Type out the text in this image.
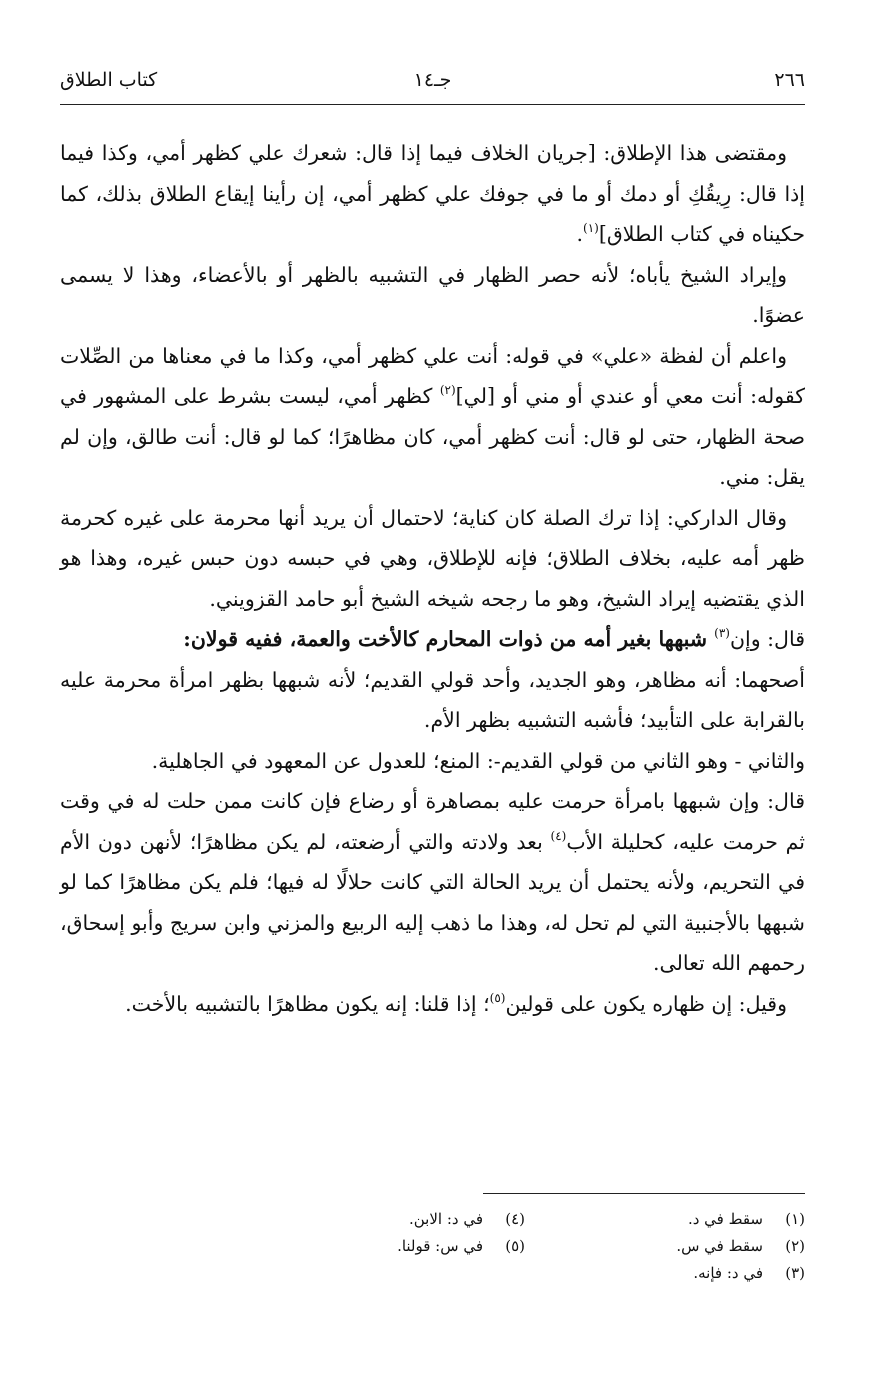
٢٦٦
جـ١٤
كتاب الطلاق

ومقتضى هذا الإطلاق: [جريان الخلاف فيما إذا قال: شعرك علي كظهر أمي، وكذا فيما إذا قال: رِيقُكِ أو دمك أو ما في جوفك علي كظهر أمي، إن رأينا إيقاع الطلاق بذلك، كما حكيناه في كتاب الطلاق]$^{(١)}$.

وإيراد الشيخ يأباه؛ لأنه حصر الظهار في التشبيه بالظهر أو بالأعضاء، وهذا لا يسمى عضوًا.

واعلم أن لفظة «علي» في قوله: أنت علي كظهر أمي، وكذا ما في معناها من الصِّلات كقوله: أنت معي أو عندي أو مني أو [لي]$^{(٢)}$ كظهر أمي، ليست بشرط على المشهور في صحة الظهار، حتى لو قال: أنت كظهر أمي، كان مظاهرًا؛ كما لو قال: أنت طالق، وإن لم يقل: مني.

وقال الداركي: إذا ترك الصلة كان كناية؛ لاحتمال أن يريد أنها محرمة على غيره كحرمة ظهر أمه عليه، بخلاف الطلاق؛ فإنه للإطلاق، وهي في حبسه دون حبس غيره، وهذا هو الذي يقتضيه إيراد الشيخ، وهو ما رجحه شيخه الشيخ أبو حامد القزويني.

قال: وإن$^{(٣)}$ شبهها بغير أمه من ذوات المحارم كالأخت والعمة، ففيه قولان:

أصحهما: أنه مظاهر، وهو الجديد، وأحد قولي القديم؛ لأنه شبهها بظهر امرأة محرمة عليه بالقرابة على التأبيد؛ فأشبه التشبيه بظهر الأم.

والثاني - وهو الثاني من قولي القديم-: المنع؛ للعدول عن المعهود في الجاهلية.

قال: وإن شبهها بامرأة حرمت عليه بمصاهرة أو رضاع فإن كانت ممن حلت له في وقت ثم حرمت عليه، كحليلة الأب$^{(٤)}$ بعد ولادته والتي أرضعته، لم يكن مظاهرًا؛ لأنهن دون الأم في التحريم، ولأنه يحتمل أن يريد الحالة التي كانت حلالًا له فيها؛ فلم يكن مظاهرًا كما لو شبهها بالأجنبية التي لم تحل له، وهذا ما ذهب إليه الربيع والمزني وابن سريج وأبو إسحاق، رحمهم الله تعالى.

وقيل: إن ظهاره يكون على قولين$^{(٥)}$؛ إذا قلنا: إنه يكون مظاهرًا بالتشبيه بالأخت.

(١)
سقط في د.
(٢)
سقط في س.
(٣)
في د: فإنه.
(٤)
في د: الابن.
(٥)
في س: قولنا.
